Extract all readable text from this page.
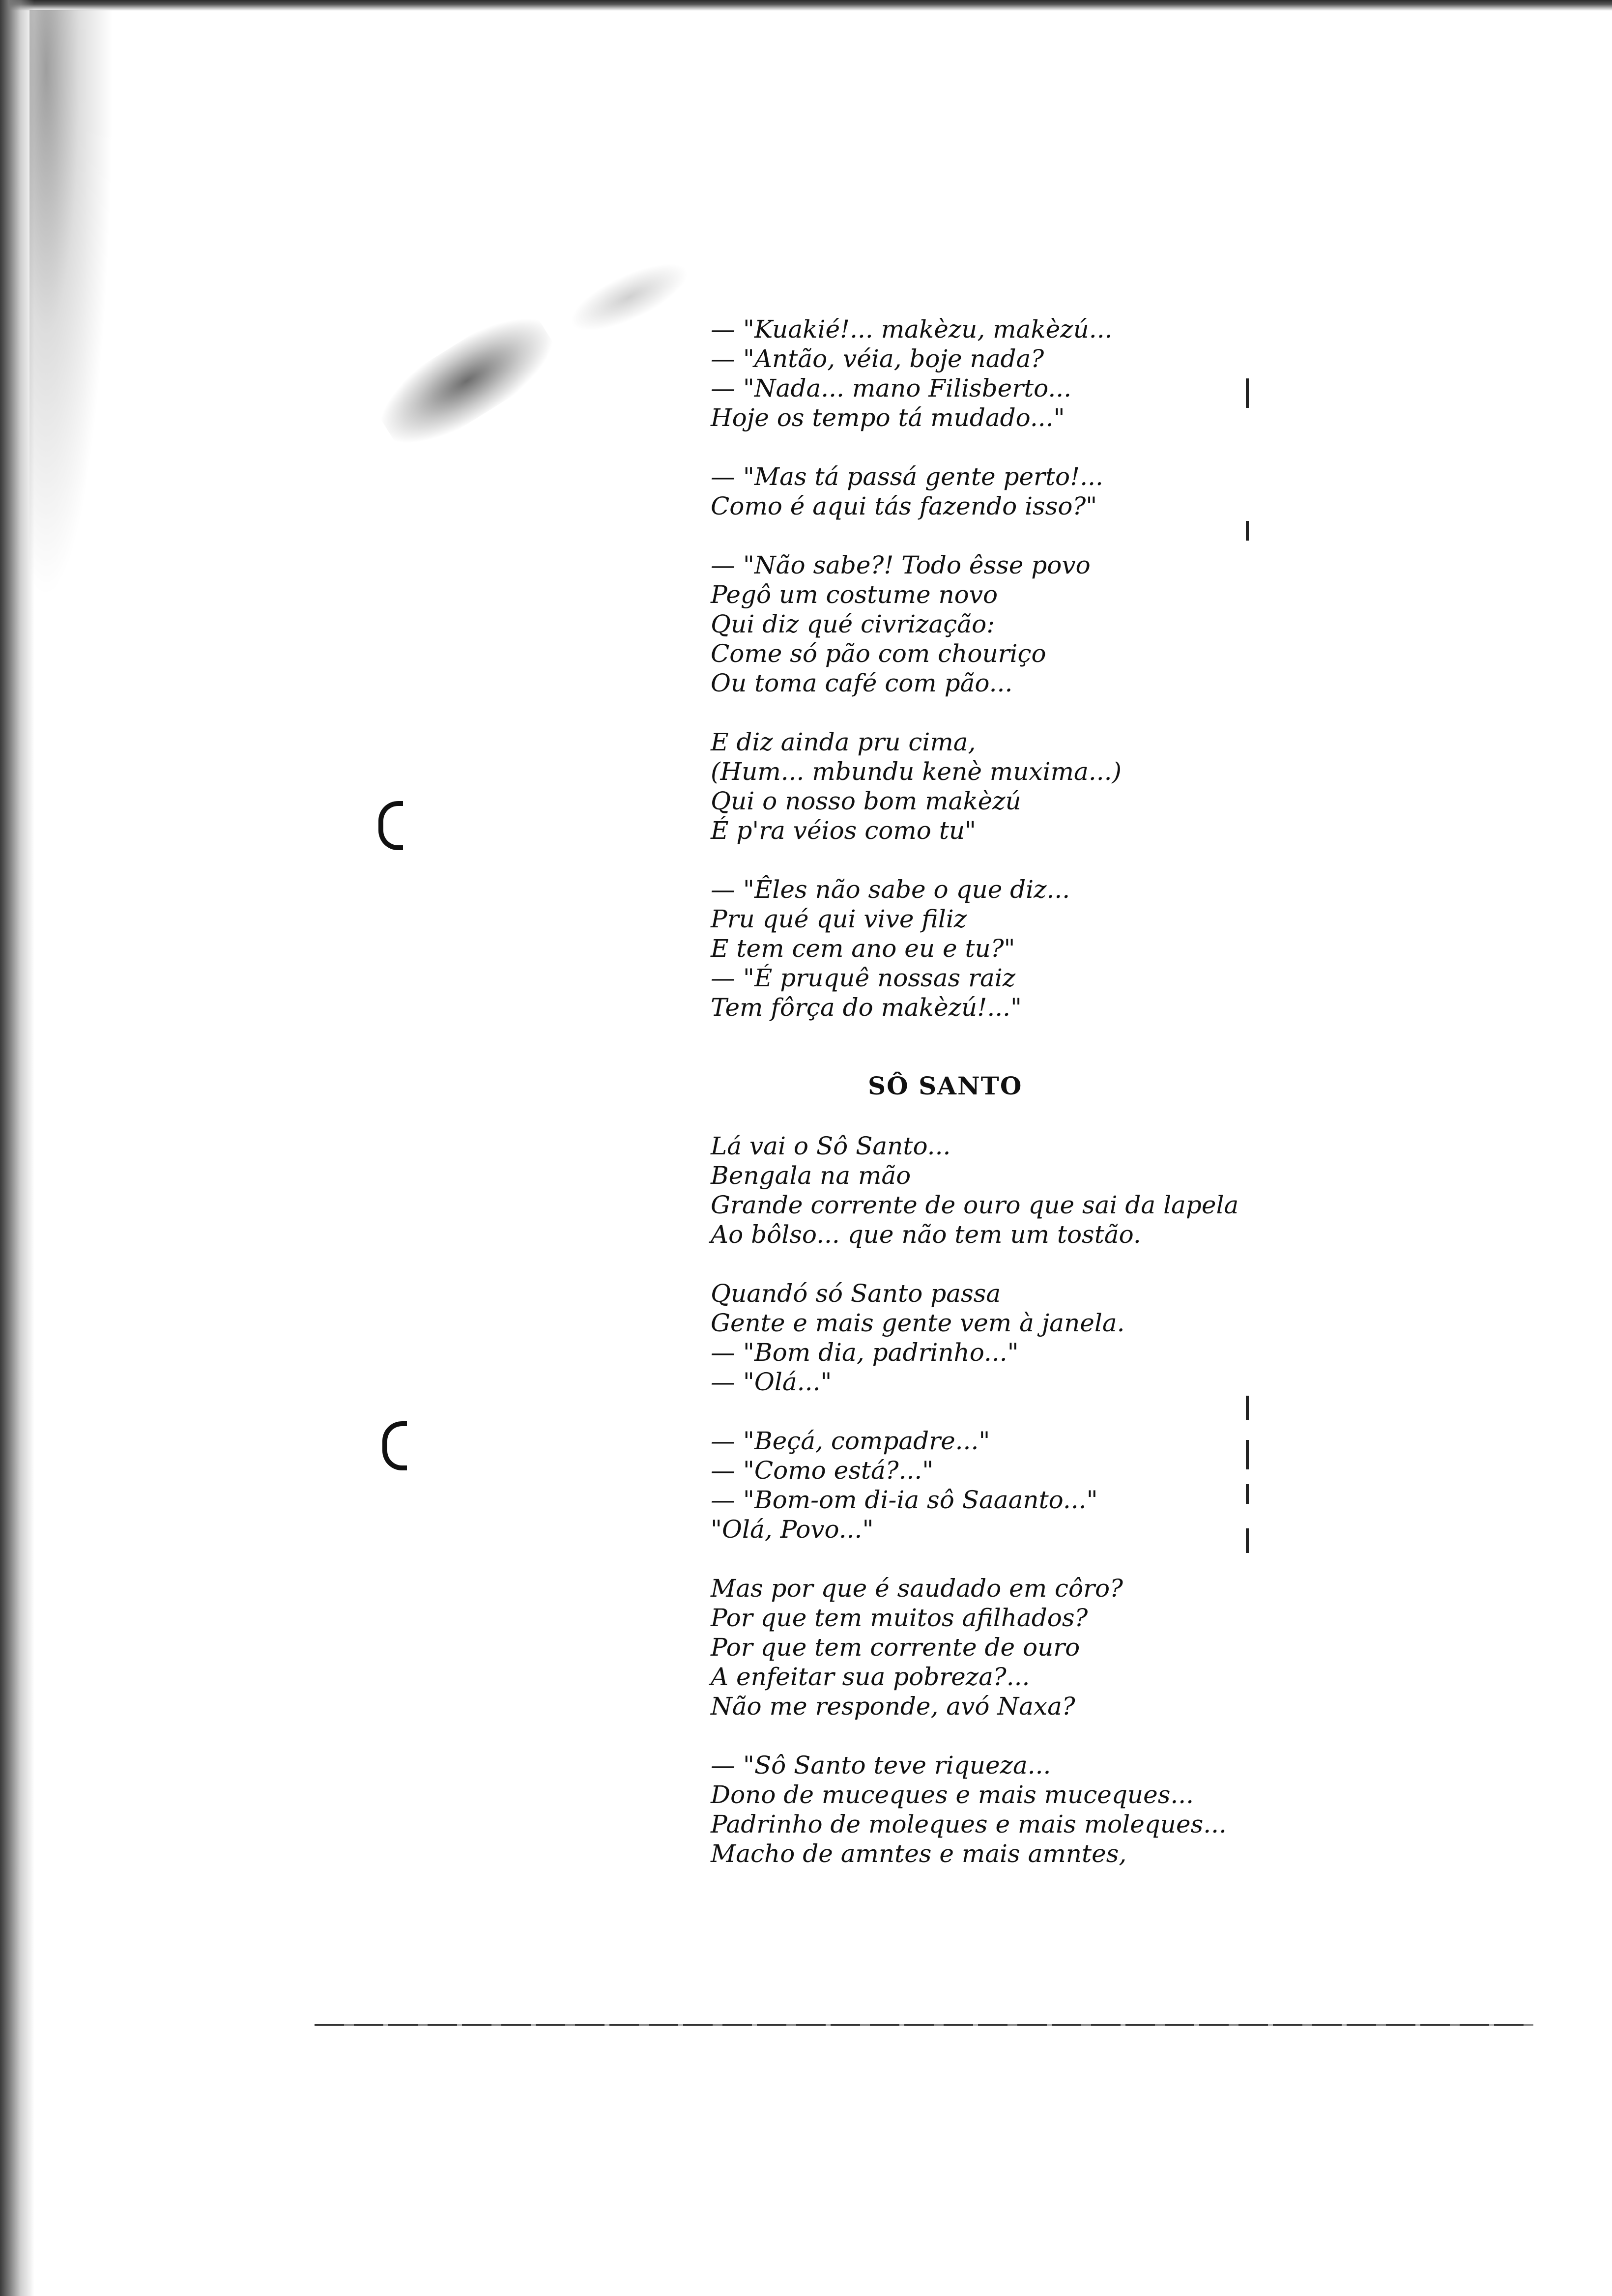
— "Kuakié!... makèzu, makèzú...
— "Antão, véia, boje nada?
— "Nada... mano Filisberto...
Hoje os tempo tá mudado..."
— "Mas tá passá gente perto!...
Como é aqui tás fazendo isso?"
— "Não sabe?! Todo êsse povo
Pegô um costume novo
Qui diz qué civrização:
Come só pão com chouriço
Ou toma café com pão...
E diz ainda pru cima,
(Hum... mbundu kenè muxima...)
Qui o nosso bom makèzú
É p'ra véios como tu"
— "Êles não sabe o que diz...
Pru qué qui vive filiz
E tem cem ano eu e tu?"
— "É pruquê nossas raiz
Tem fôrça do makèzú!..."
SÔ SANTO
Lá vai o Sô Santo...
Bengala na mão
Grande corrente de ouro que sai da lapela
Ao bôlso... que não tem um tostão.
Quandó só Santo passa
Gente e mais gente vem à janela.
— "Bom dia, padrinho..."
— "Olá..."
— "Beçá, compadre..."
— "Como está?..."
— "Bom-om di-ia sô Saaanto..."
"Olá, Povo..."
Mas por que é saudado em côro?
Por que tem muitos afilhados?
Por que tem corrente de ouro
A enfeitar sua pobreza?...
Não me responde, avó Naxa?
— "Sô Santo teve riqueza...
Dono de muceques e mais muceques...
Padrinho de moleques e mais moleques...
Macho de amntes e mais amntes,
